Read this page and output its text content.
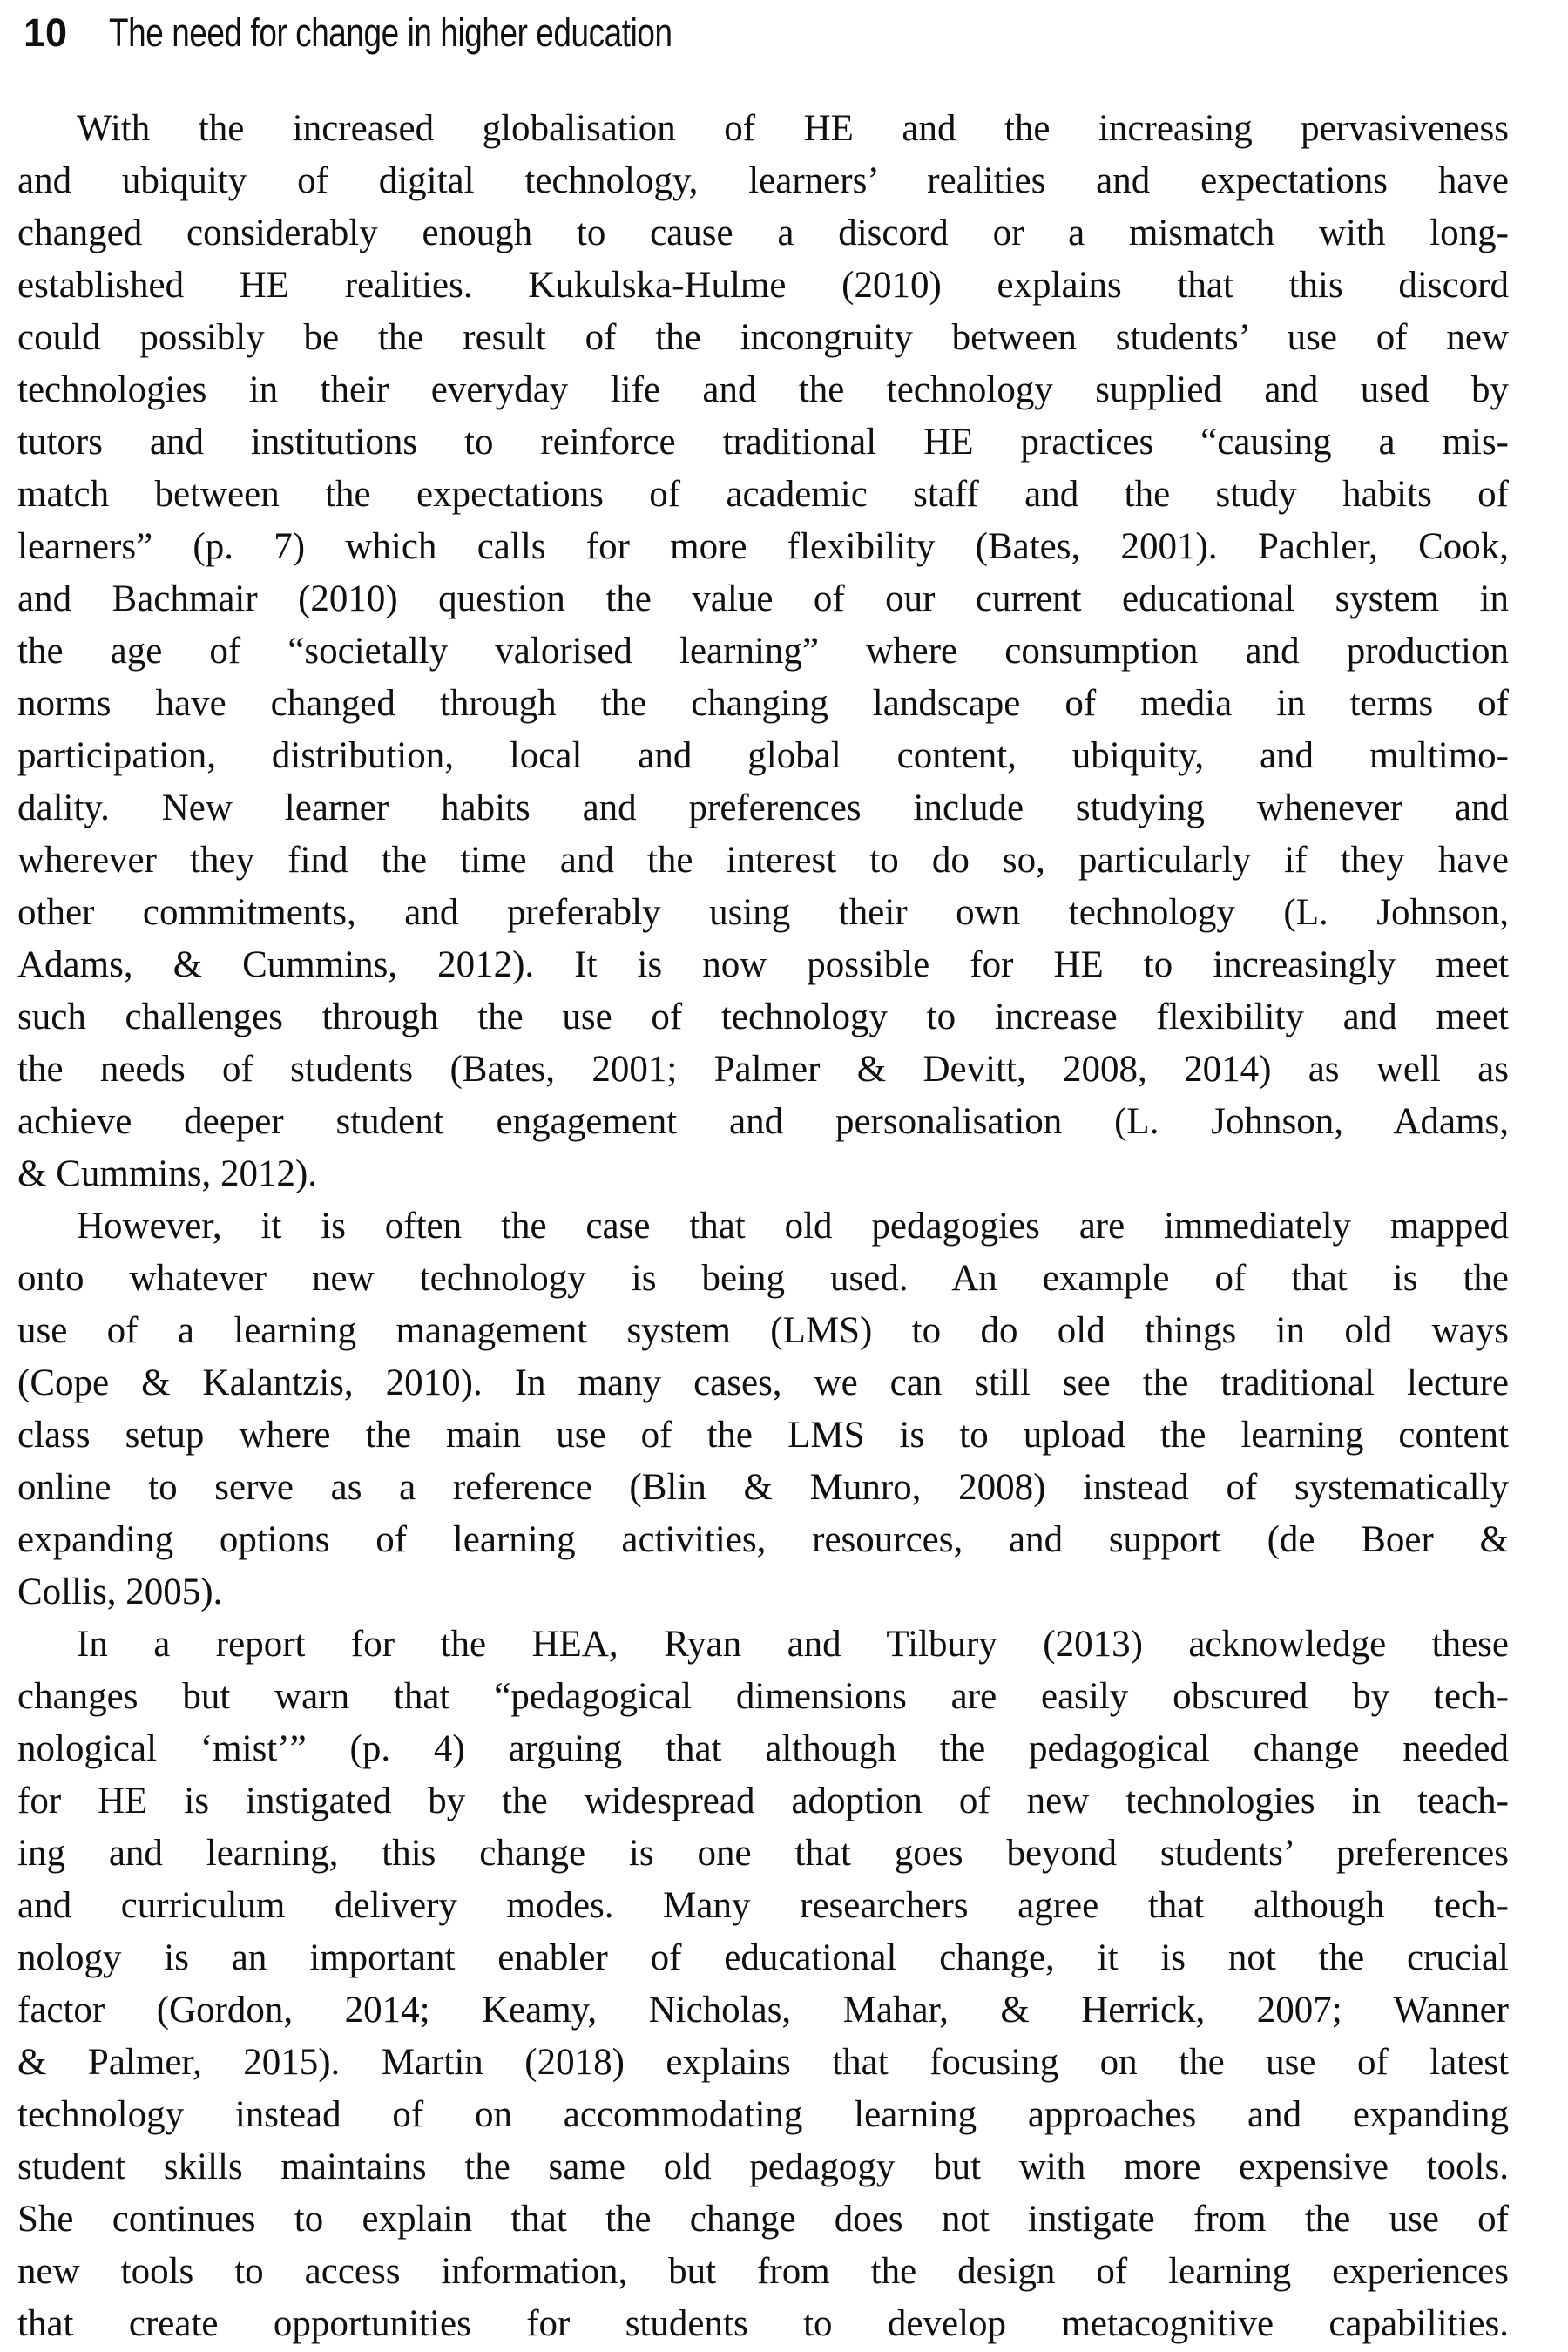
10 The need for change in higher education
With the increased globalisation of HE and the increasing pervasiveness
and ubiquity of digital technology, learners’ realities and expectations have
changed considerably enough to cause a discord or a mismatch with long-
established HE realities. Kukulska-Hulme (2010) explains that this discord
could possibly be the result of the incongruity between students’ use of new
technologies in their everyday life and the technology supplied and used by
tutors and institutions to reinforce traditional HE practices “causing a mis-
match between the expectations of academic staff and the study habits of
learners” (p. 7) which calls for more flexibility (Bates, 2001). Pachler, Cook,
and Bachmair (2010) question the value of our current educational system in
the age of “societally valorised learning” where consumption and production
norms have changed through the changing landscape of media in terms of
participation, distribution, local and global content, ubiquity, and multimo-
dality. New learner habits and preferences include studying whenever and
wherever they find the time and the interest to do so, particularly if they have
other commitments, and preferably using their own technology (L. Johnson,
Adams, & Cummins, 2012). It is now possible for HE to increasingly meet
such challenges through the use of technology to increase flexibility and meet
the needs of students (Bates, 2001; Palmer & Devitt, 2008, 2014) as well as
achieve deeper student engagement and personalisation (L. Johnson, Adams,
& Cummins, 2012).
However, it is often the case that old pedagogies are immediately mapped
onto whatever new technology is being used. An example of that is the
use of a learning management system (LMS) to do old things in old ways
(Cope & Kalantzis, 2010). In many cases, we can still see the traditional lecture
class setup where the main use of the LMS is to upload the learning content
online to serve as a reference (Blin & Munro, 2008) instead of systematically
expanding options of learning activities, resources, and support (de Boer &
Collis, 2005).
In a report for the HEA, Ryan and Tilbury (2013) acknowledge these
changes but warn that “pedagogical dimensions are easily obscured by tech-
nological ‘mist’” (p. 4) arguing that although the pedagogical change needed
for HE is instigated by the widespread adoption of new technologies in teach-
ing and learning, this change is one that goes beyond students’ preferences
and curriculum delivery modes. Many researchers agree that although tech-
nology is an important enabler of educational change, it is not the crucial
factor (Gordon, 2014; Keamy, Nicholas, Mahar, & Herrick, 2007; Wanner
& Palmer, 2015). Martin (2018) explains that focusing on the use of latest
technology instead of on accommodating learning approaches and expanding
student skills maintains the same old pedagogy but with more expensive tools.
She continues to explain that the change does not instigate from the use of
new tools to access information, but from the design of learning experiences
that create opportunities for students to develop metacognitive capabilities.
